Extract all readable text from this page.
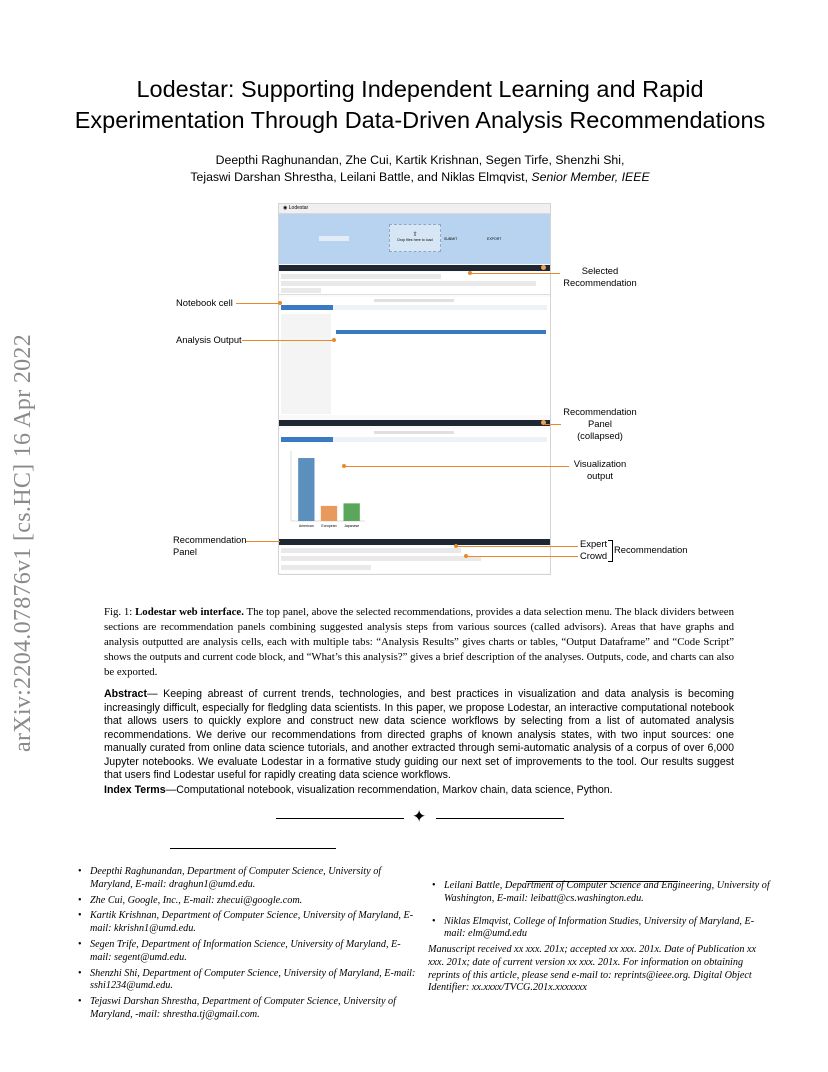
arXiv:2204.07876v1 [cs.HC] 16 Apr 2022
Lodestar: Supporting Independent Learning and Rapid Experimentation Through Data-Driven Analysis Recommendations
Deepthi Raghunandan, Zhe Cui, Kartik Krishnan, Segen Tirfe, Shenzhi Shi,
Tejaswi Darshan Shrestha, Leilani Battle, and Niklas Elmqvist, Senior Member, IEEE
◉ Lodestar
⇧
Drop files here to load	SUBMIT	EXPORT
American European Japanese
Selected
Recommendation
Notebook cell
Analysis Output
Recommendation
Panel
(collapsed)
Visualization
output
Recommendation
Panel
Expert
Crowd
Recommendation
Fig. 1: Lodestar web interface. The top panel, above the selected recommendations, provides a data selection menu. The black dividers between sections are recommendation panels combining suggested analysis steps from various sources (called advisors). Areas that have graphs and analysis outputted are analysis cells, each with multiple tabs: “Analysis Results” gives charts or tables, “Output Dataframe” and “Code Script” shows the outputs and current code block, and “What’s this analysis?” gives a brief description of the analyses. Outputs, code, and charts can also be exported.
Abstract— Keeping abreast of current trends, technologies, and best practices in visualization and data analysis is becoming increasingly difficult, especially for fledgling data scientists. In this paper, we propose Lodestar, an interactive computational notebook that allows users to quickly explore and construct new data science workflows by selecting from a list of automated analysis recommendations. We derive our recommendations from directed graphs of known analysis states, with two input sources: one manually curated from online data science tutorials, and another extracted through semi-automatic analysis of a corpus of over 6,000 Jupyter notebooks. We evaluate Lodestar in a formative study guiding our next set of improvements to the tool. Our results suggest that users find Lodestar useful for rapidly creating data science workflows.
Index Terms—Computational notebook, visualization recommendation, Markov chain, data science, Python.
✦
• Deepthi Raghunandan, Department of Computer Science, University of Maryland, E-mail: draghun1@umd.edu.
• Zhe Cui, Google, Inc., E-mail: zhecui@google.com.
• Kartik Krishnan, Department of Computer Science, University of Maryland, E-mail: kkrishn1@umd.edu.
• Segen Trife, Department of Information Science, University of Maryland, E-mail: segent@umd.edu.
• Shenzhi Shi, Department of Computer Science, University of Maryland, E-mail: sshi1234@umd.edu.
• Tejaswi Darshan Shrestha, Department of Computer Science, University of Maryland, -mail: shrestha.tj@gmail.com.
• Leilani Battle, Department of Computer Science and Engineering, University of Washington, E-mail: leibatt@cs.washington.edu.
• Niklas Elmqvist, College of Information Studies, University of Maryland, E-mail: elm@umd.edu
Manuscript received xx xxx. 201x; accepted xx xxx. 201x. Date of Publication xx xxx. 201x; date of current version xx xxx. 201x. For information on obtaining reprints of this article, please send e-mail to: reprints@ieee.org. Digital Object Identifier: xx.xxxx/TVCG.201x.xxxxxxx
